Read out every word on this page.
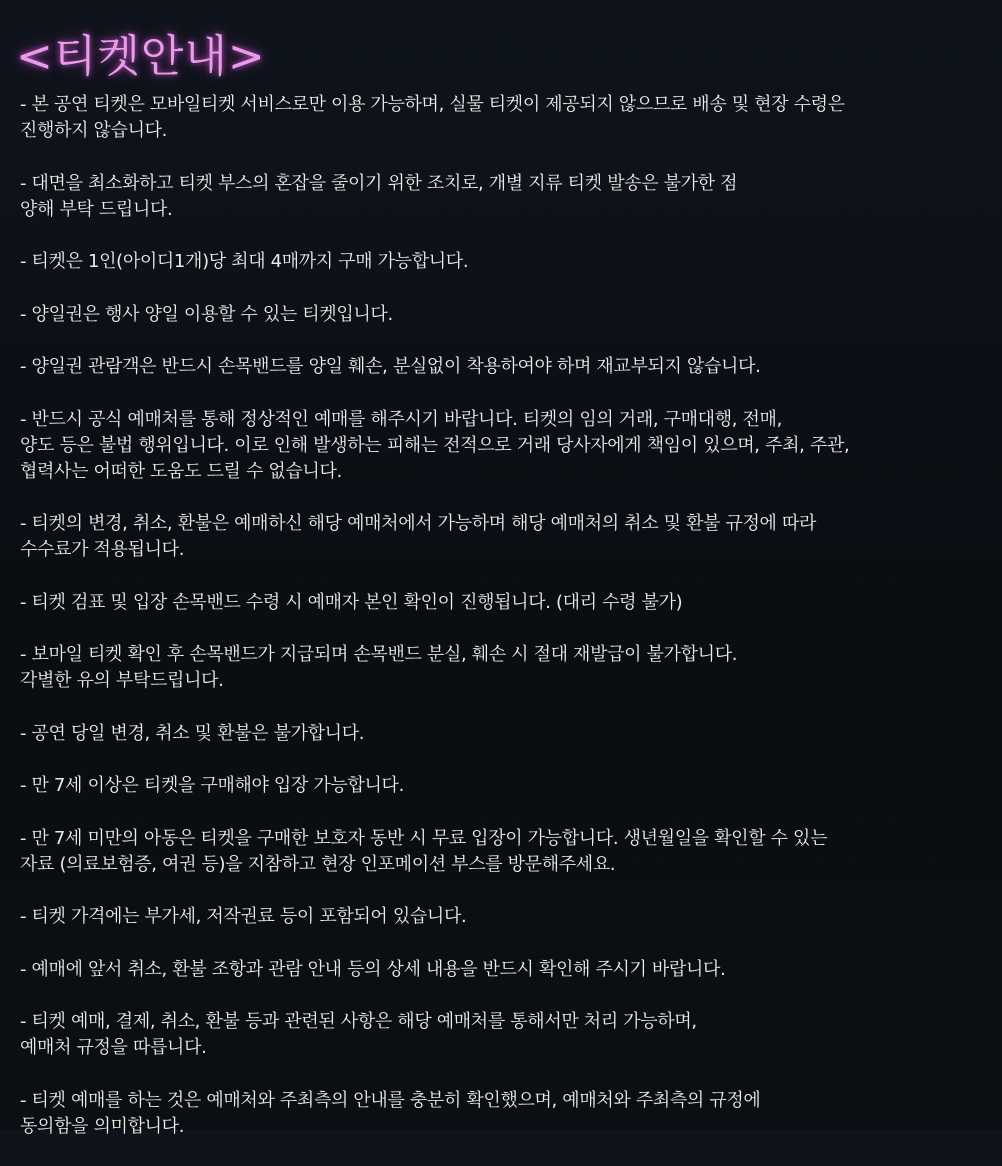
<티켓안내>
- 본 공연 티켓은 모바일티켓 서비스로만 이용 가능하며, 실물 티켓이 제공되지 않으므로 배송 및 현장 수령은
진행하지 않습니다.
- 대면을 최소화하고 티켓 부스의 혼잡을 줄이기 위한 조치로, 개별 지류 티켓 발송은 불가한 점
양해 부탁 드립니다.
- 티켓은 1인(아이디1개)당 최대 4매까지 구매 가능합니다.
- 양일권은 행사 양일 이용할 수 있는 티켓입니다.
- 양일권 관람객은 반드시 손목밴드를 양일 훼손, 분실없이 착용하여야 하며 재교부되지 않습니다.
- 반드시 공식 예매처를 통해 정상적인 예매를 해주시기 바랍니다. 티켓의 임의 거래, 구매대행, 전매,
양도 등은 불법 행위입니다. 이로 인해 발생하는 피해는 전적으로 거래 당사자에게 책임이 있으며, 주최, 주관,
협력사는 어떠한 도움도 드릴 수 없습니다.
- 티켓의 변경, 취소, 환불은 예매하신 해당 예매처에서 가능하며 해당 예매처의 취소 및 환불 규정에 따라
수수료가 적용됩니다.
- 티켓 검표 및 입장 손목밴드 수령 시 예매자 본인 확인이 진행됩니다. (대리 수령 불가)
- 보마일 티켓 확인 후 손목밴드가 지급되며 손목밴드 분실, 훼손 시 절대 재발급이 불가합니다.
각별한 유의 부탁드립니다.
- 공연 당일 변경, 취소 및 환불은 불가합니다.
- 만 7세 이상은 티켓을 구매해야 입장 가능합니다.
- 만 7세 미만의 아동은 티켓을 구매한 보호자 동반 시 무료 입장이 가능합니다. 생년월일을 확인할 수 있는
자료 (의료보험증, 여권 등)을 지참하고 현장 인포메이션 부스를 방문해주세요.
- 티켓 가격에는 부가세, 저작권료 등이 포함되어 있습니다.
- 예매에 앞서 취소, 환불 조항과 관람 안내 등의 상세 내용을 반드시 확인해 주시기 바랍니다.
- 티켓 예매, 결제, 취소, 환불 등과 관련된 사항은 해당 예매처를 통해서만 처리 가능하며,
예매처 규정을 따릅니다.
- 티켓 예매를 하는 것은 예매처와 주최측의 안내를 충분히 확인했으며, 예매처와 주최측의 규정에
동의함을 의미합니다.
